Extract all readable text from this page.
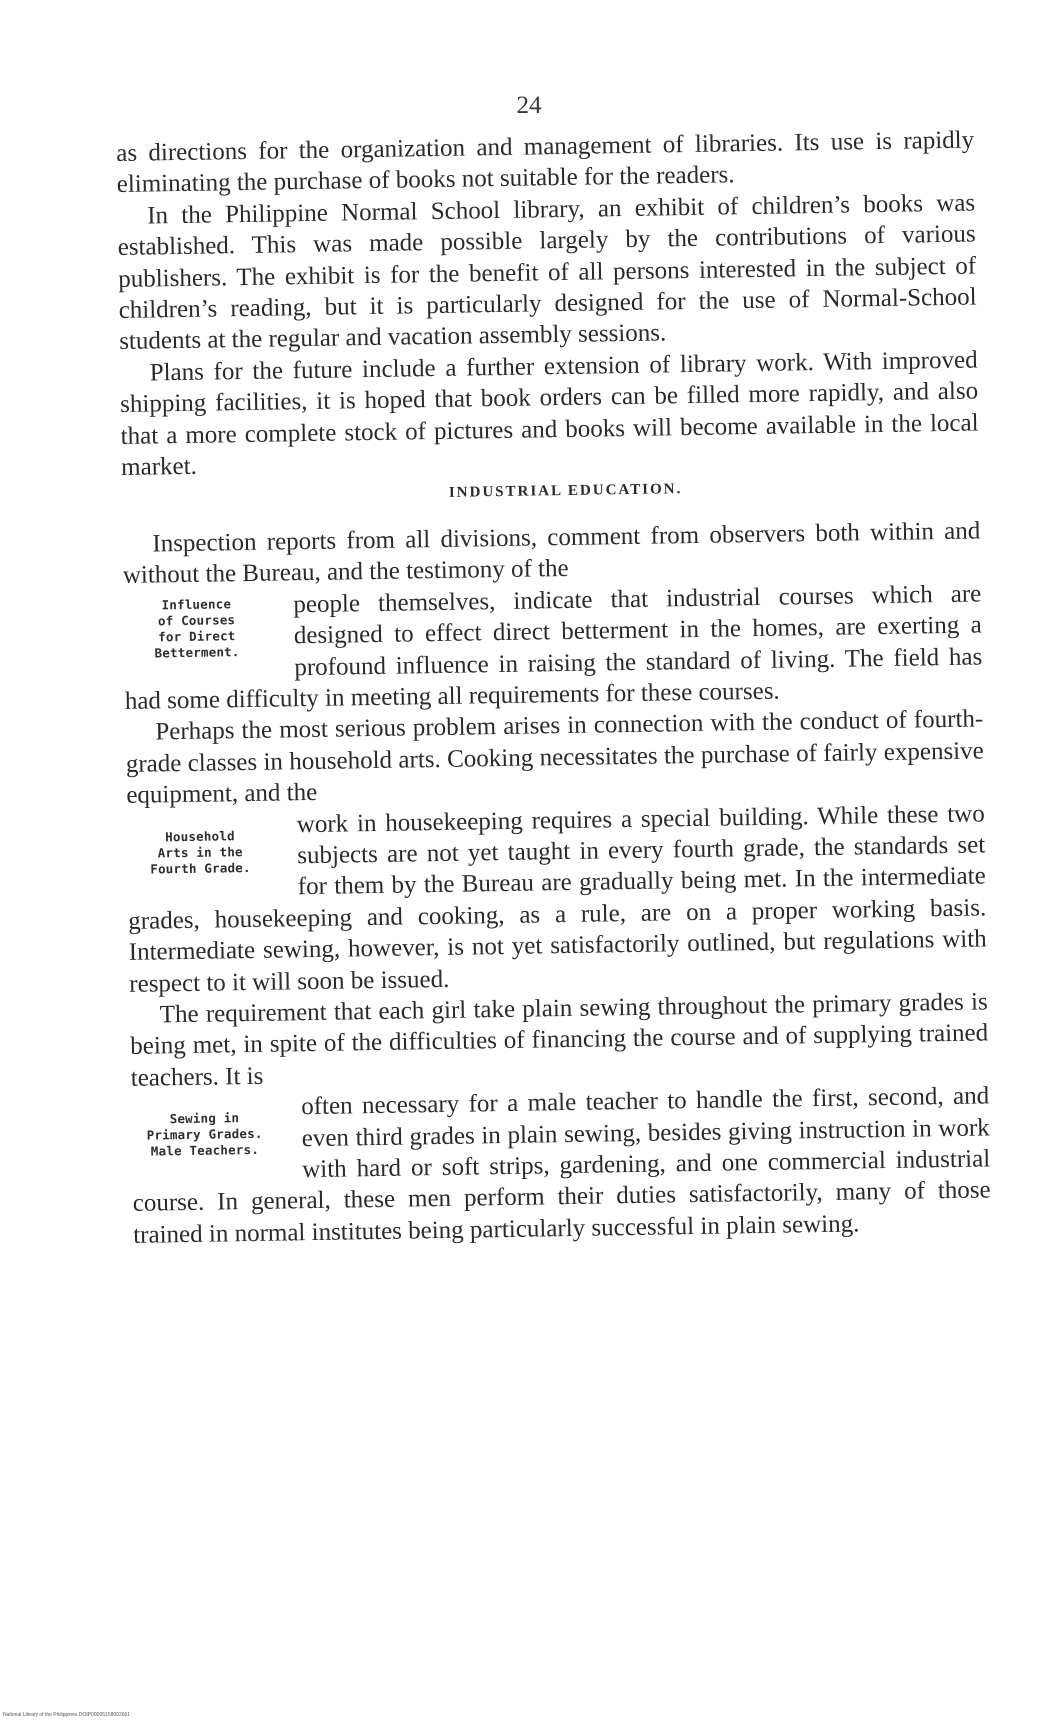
24

as directions for the organization and management of libraries. Its use is rapidly eliminating the purchase of books not suitable for the readers.

In the Philippine Normal School library, an exhibit of children’s books was established. This was made possible largely by the contributions of various publishers. The exhibit is for the benefit of all persons interested in the subject of children’s reading, but it is particularly designed for the use of Normal-School students at the regular and vacation assembly sessions.

Plans for the future include a further extension of library work. With improved shipping facilities, it is hoped that book orders can be filled more rapidly, and also that a more complete stock of pictures and books will become available in the local market.

INDUSTRIAL EDUCATION.

Inspection reports from all divisions, comment from observers both within and without the Bureau, and the testimony of the

Influence
of Courses
for Direct
Betterment.

people themselves, indicate that industrial courses which are designed to effect direct betterment in the homes, are exerting a profound influence in raising the standard of living. The field has had some difficulty in meeting all requirements for these courses.

Perhaps the most serious problem arises in connection with the conduct of fourth-grade classes in household arts. Cooking necessitates the purchase of fairly expensive equipment, and the

Household
Arts in the
Fourth Grade.

work in housekeeping requires a special building. While these two subjects are not yet taught in every fourth grade, the standards set for them by the Bureau are gradually being met. In the intermediate grades, housekeeping and cooking, as a rule, are on a proper working basis. Intermediate sewing, however, is not yet satisfactorily outlined, but regulations with respect to it will soon be issued.

The requirement that each girl take plain sewing throughout the primary grades is being met, in spite of the difficulties of financing the course and of supplying trained teachers. It is

Sewing in
Primary Grades.
Male Teachers.

often necessary for a male teacher to handle the first, second, and even third grades in plain sewing, besides giving instruction in work with hard or soft strips, gardening, and one commercial industrial course. In general, these men perform their duties satisfactorily, many of those trained in normal institutes being particularly successful in plain sewing.

National Library of the Philippines DOIP00005158002691
